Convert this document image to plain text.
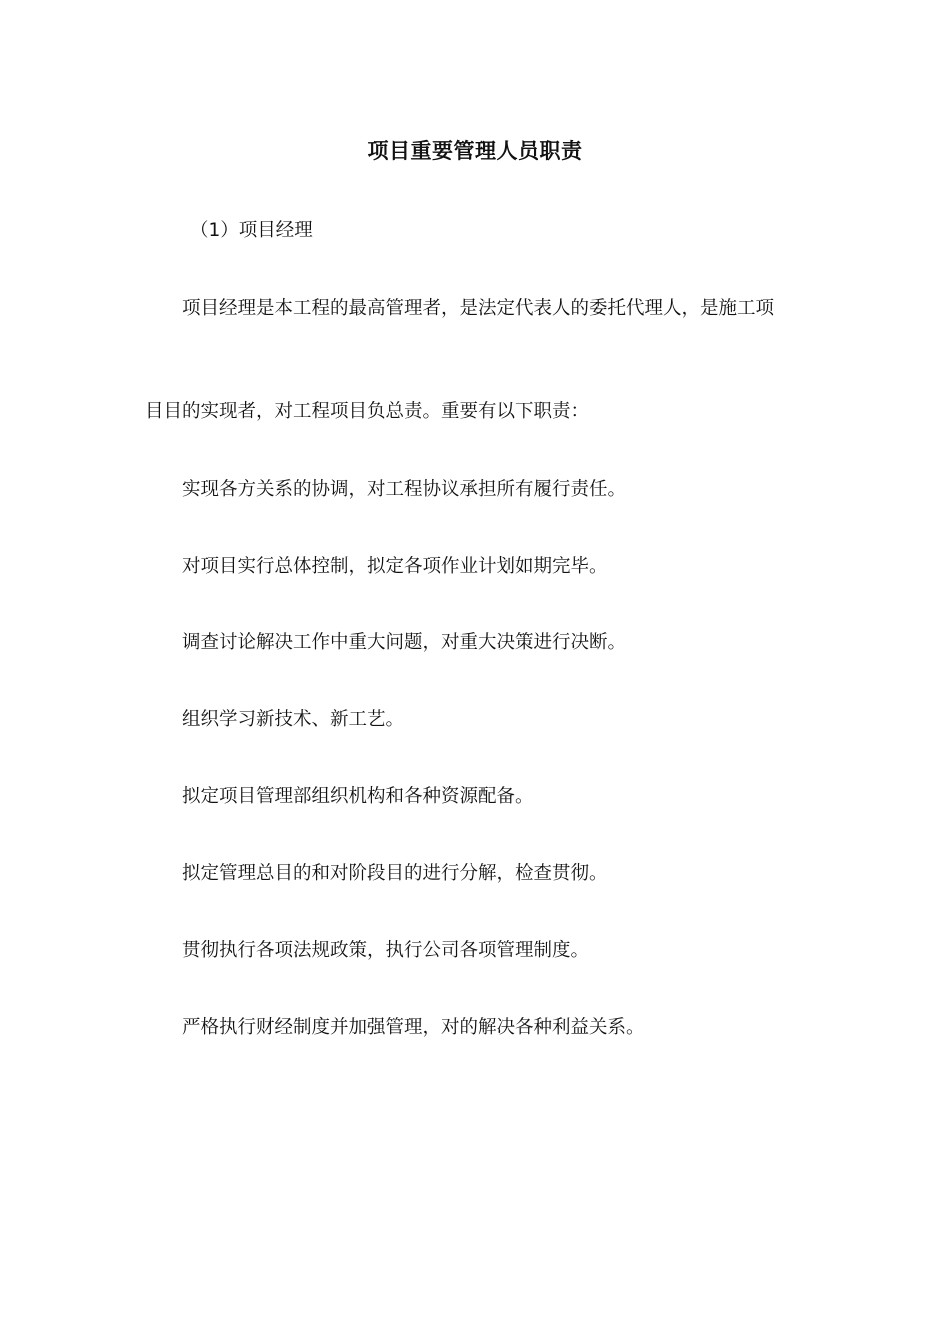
项目重要管理人员职责
（1）项目经理
项目经理是本工程的最高管理者，是法定代表人的委托代理人，是施工项
目目的实现者，对工程项目负总责。重要有以下职责：
实现各方关系的协调，对工程协议承担所有履行责任。
对项目实行总体控制，拟定各项作业计划如期完毕。
调查讨论解决工作中重大问题，对重大决策进行决断。
组织学习新技术、新工艺。
拟定项目管理部组织机构和各种资源配备。
拟定管理总目的和对阶段目的进行分解，检查贯彻。
贯彻执行各项法规政策，执行公司各项管理制度。
严格执行财经制度并加强管理，对的解决各种利益关系。
